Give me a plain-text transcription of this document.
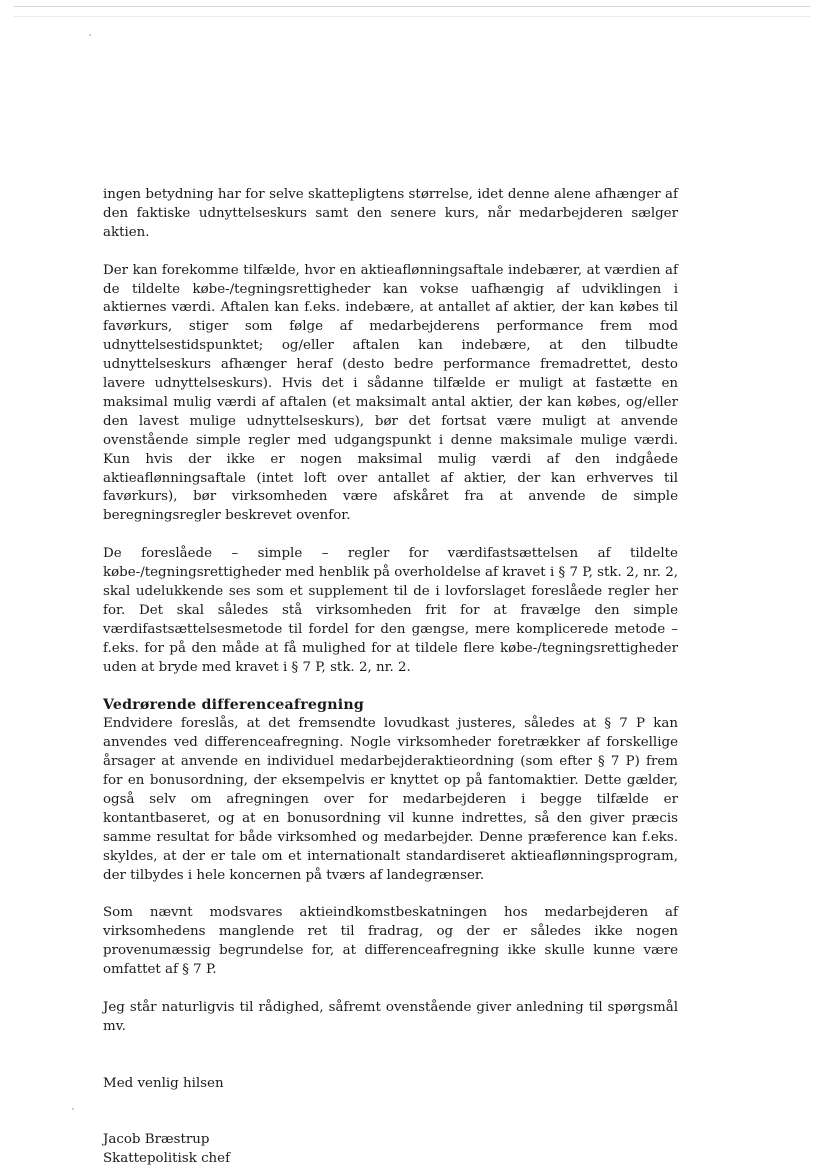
ingen betydning har for selve skattepligtens størrelse, idet denne alene afhænger af den faktiske udnyttelseskurs samt den senere kurs, når medarbejderen sælger aktien.

Der kan forekomme tilfælde, hvor en aktieaflønningsaftale indebærer, at værdien af de tildelte købe-/tegningsrettigheder kan vokse uafhængig af udviklingen i aktiernes værdi. Aftalen kan f.eks. indebære, at antallet af aktier, der kan købes til favørkurs, stiger som følge af medarbejderens performance frem mod udnyttelsestidspunktet; og/eller aftalen kan indebære, at den tilbudte udnyttelseskurs afhænger heraf (desto bedre performance fremadrettet, desto lavere udnyttelseskurs). Hvis det i sådanne tilfælde er muligt at fastætte en maksimal mulig værdi af aftalen (et maksimalt antal aktier, der kan købes, og/eller den lavest mulige udnyttelseskurs), bør det fortsat være muligt at anvende ovenstående simple regler med udgangspunkt i denne maksimale mulige værdi. Kun hvis der ikke er nogen maksimal mulig værdi af den indgåede aktieaflønningsaftale (intet loft over antallet af aktier, der kan erhverves til favørkurs), bør virksomheden være afskåret fra at anvende de simple beregningsregler beskrevet ovenfor.

De foreslåede – simple – regler for værdifastsættelsen af tildelte købe-/tegningsrettigheder med henblik på overholdelse af kravet i § 7 P, stk. 2, nr. 2, skal udelukkende ses som et supplement til de i lovforslaget foreslåede regler her for. Det skal således stå virksomheden frit for at fravælge den simple værdifastsættelsesmetode til fordel for den gængse, mere komplicerede metode – f.eks. for på den måde at få mulighed for at tildele flere købe-/tegningsrettigheder uden at bryde med kravet i § 7 P, stk. 2, nr. 2.

Vedrørende differenceafregning

Endvidere foreslås, at det fremsendte lovudkast justeres, således at § 7 P kan anvendes ved differenceafregning. Nogle virksomheder foretrækker af forskellige årsager at anvende en individuel medarbejderaktieordning (som efter § 7 P) frem for en bonusordning, der eksempelvis er knyttet op på fantomaktier. Dette gælder, også selv om afregningen over for medarbejderen i begge tilfælde er kontantbaseret, og at en bonusordning vil kunne indrettes, så den giver præcis samme resultat for både virksomhed og medarbejder. Denne præference kan f.eks. skyldes, at der er tale om et internationalt standardiseret aktieaflønningsprogram, der tilbydes i hele koncernen på tværs af landegrænser.

Som nævnt modsvares aktieindkomstbeskatningen hos medarbejderen af virksomhedens manglende ret til fradrag, og der er således ikke nogen provenumæssig begrundelse for, at differenceafregning ikke skulle kunne være omfattet af § 7 P.

Jeg står naturligvis til rådighed, såfremt ovenstående giver anledning til spørgsmål mv.

Med venlig hilsen
Jacob Bræstrup
Skattepolitisk chef
